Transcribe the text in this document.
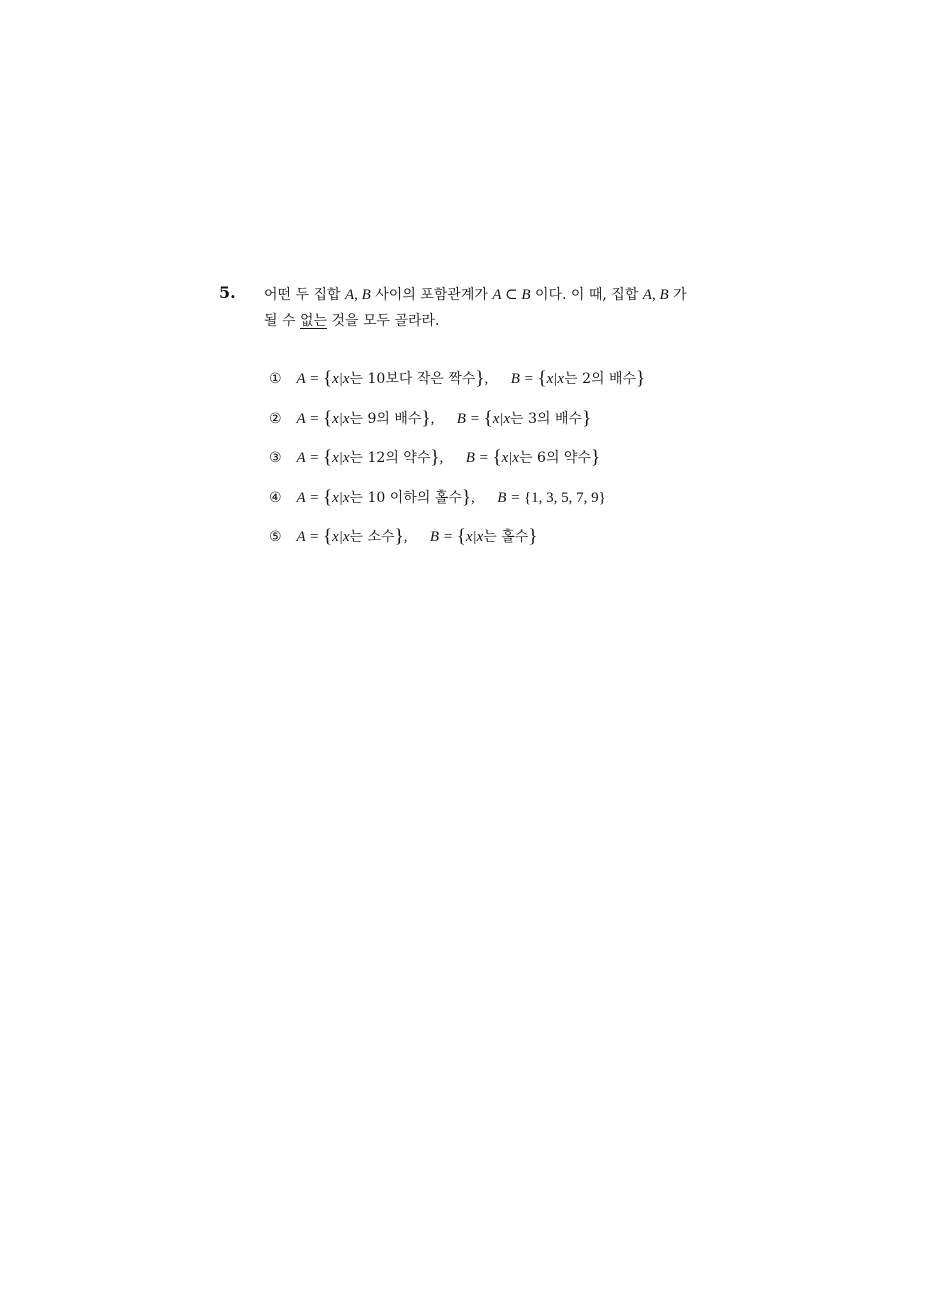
5. 어떤 두 집합 A, B 사이의 포함관계가 A ⊂ B 이다. 이 때, 집합 A, B 가
될 수 없는 것을 모두 골라라.
① A = {x|x는 10보다 작은 짝수}, B = {x|x는 2의 배수}
② A = {x|x는 9의 배수}, B = {x|x는 3의 배수}
③ A = {x|x는 12의 약수}, B = {x|x는 6의 약수}
④ A = {x|x는 10 이하의 홀수}, B = {1, 3, 5, 7, 9}
⑤ A = {x|x는 소수}, B = {x|x는 홀수}
